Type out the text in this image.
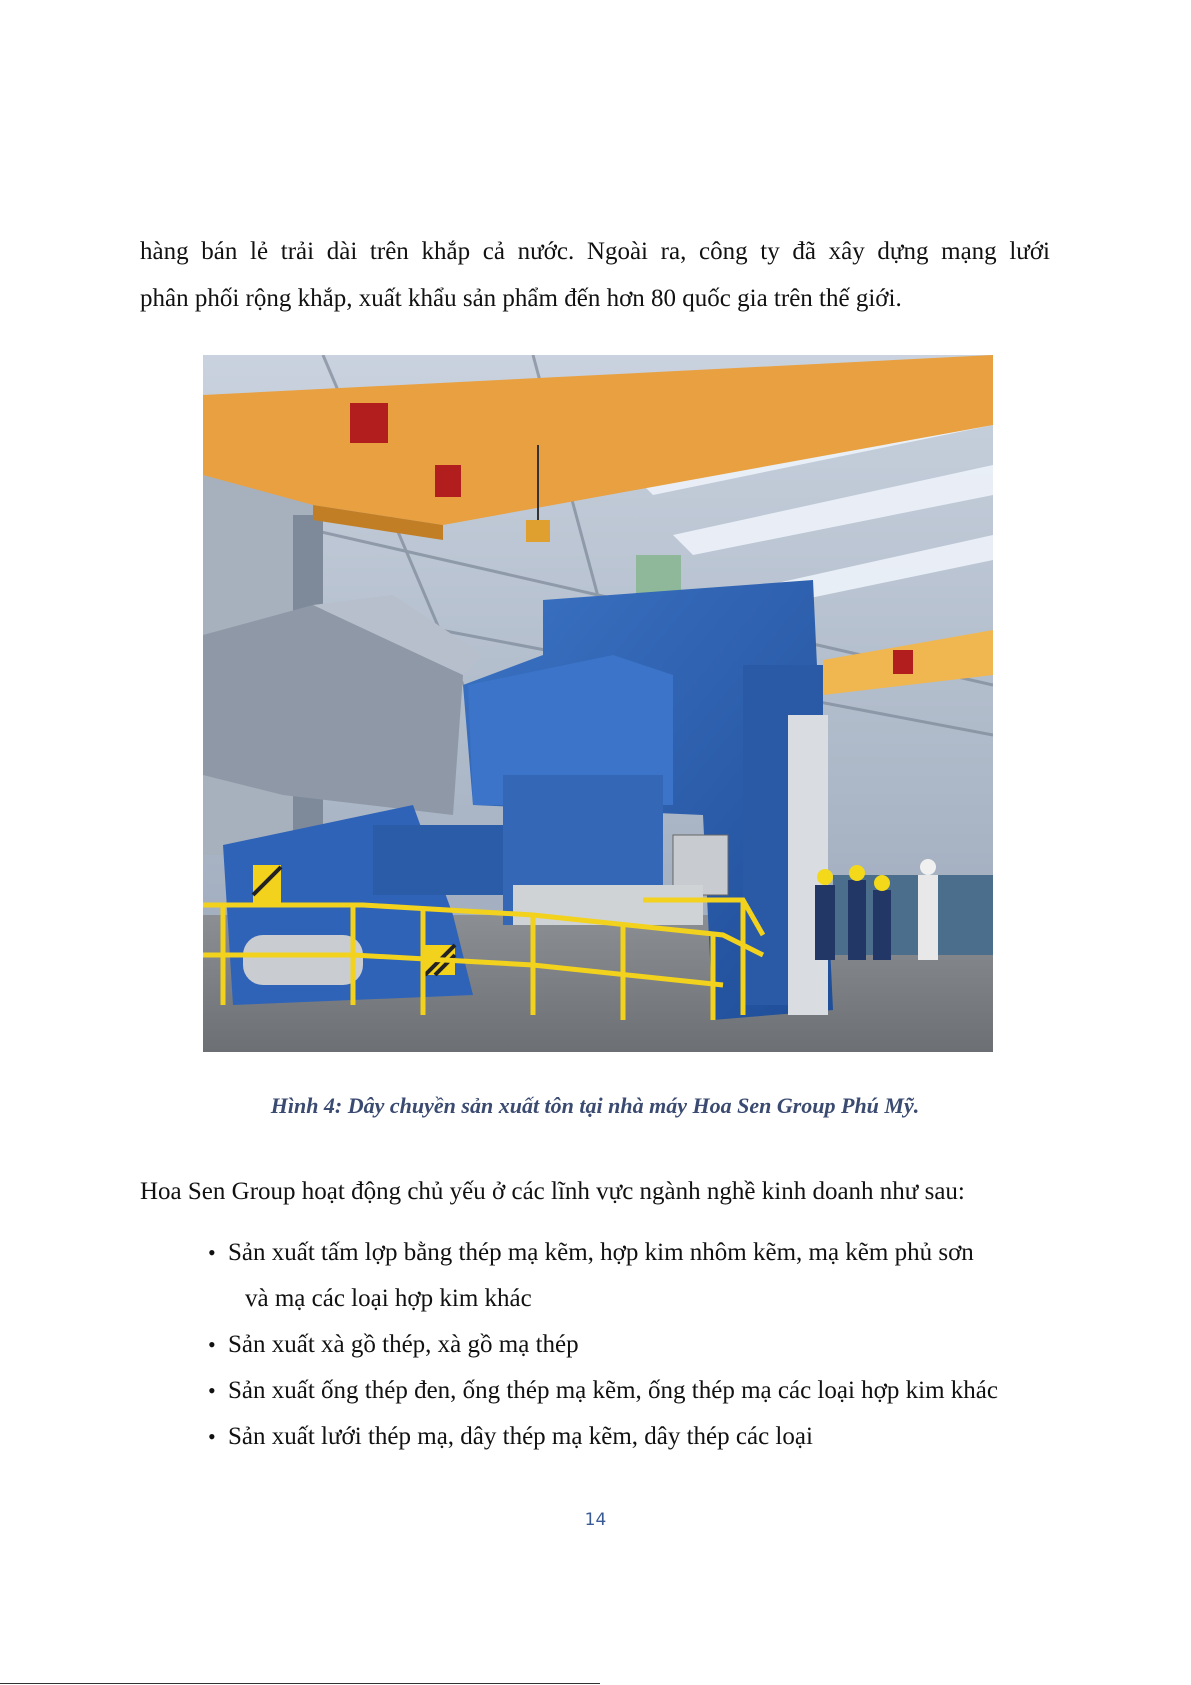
hàng bán lẻ trải dài trên khắp cả nước. Ngoài ra, công ty đã xây dựng mạng lưới
phân phối rộng khắp, xuất khẩu sản phẩm đến hơn 80 quốc gia trên thế giới.
Hình 4: Dây chuyền sản xuất tôn tại nhà máy Hoa Sen Group Phú Mỹ.
Hoa Sen Group hoạt động chủ yếu ở các lĩnh vực ngành nghề kinh doanh như sau:
• Sản xuất tấm lợp bằng thép mạ kẽm, hợp kim nhôm kẽm, mạ kẽm phủ sơn
và mạ các loại hợp kim khác
• Sản xuất xà gồ thép, xà gồ mạ thép
• Sản xuất ống thép đen, ống thép mạ kẽm, ống thép mạ các loại hợp kim khác
• Sản xuất lưới thép mạ, dây thép mạ kẽm, dây thép các loại
14
